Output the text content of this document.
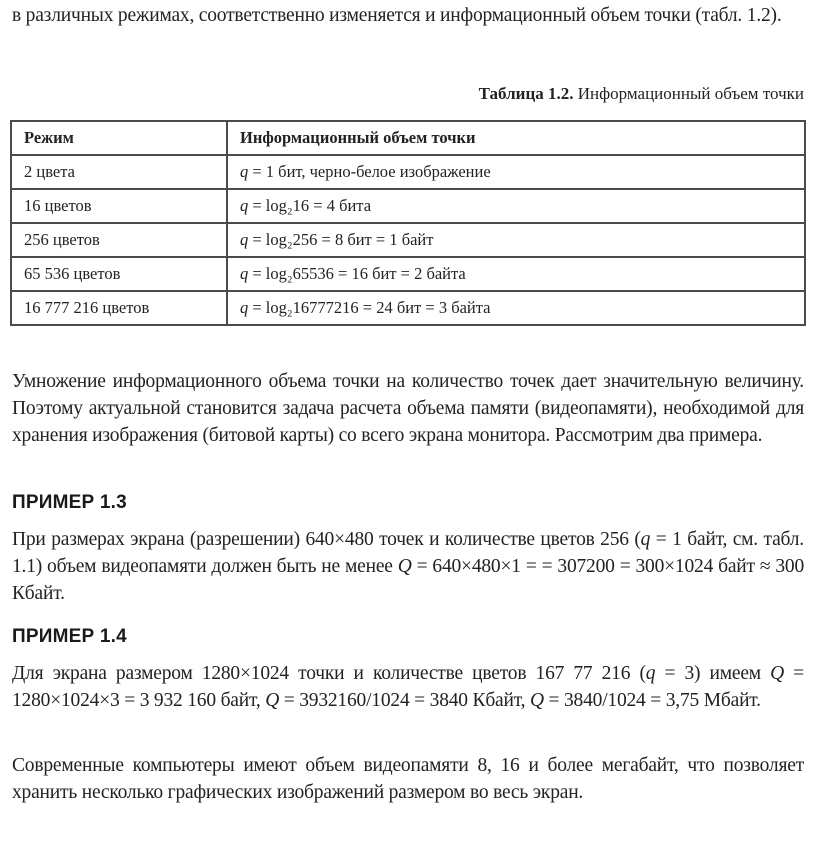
в различных режимах, соответственно изменяется и информационный объем точки (табл. 1.2).

Таблица 1.2. Информационный объем точки
Режим	Информационный объем точки
2 цвета	q = 1 бит, черно-белое изображение
16 цветов	q = log₂16 = 4 бита
256 цветов	q = log₂256 = 8 бит = 1 байт
65 536 цветов	q = log₂65536 = 16 бит = 2 байта
16 777 216 цветов	q = log₂16777216 = 24 бит = 3 байта

Умножение информационного объема точки на количество точек дает значительную величину. Поэтому актуальной становится задача расчета объема памяти (видеопамяти), необходимой для хранения изображения (битовой карты) со всего экрана монитора. Рассмотрим два примера.

ПРИМЕР 1.3

При размерах экрана (разрешении) 640×480 точек и количестве цветов 256 (q = 1 байт, см. табл. 1.1) объем видеопамяти должен быть не менее Q = 640×480×1 = = 307200 = 300×1024 байт ≈ 300 Кбайт.

ПРИМЕР 1.4

Для экрана размером 1280×1024 точки и количестве цветов 167 77 216 (q = 3) имеем Q = 1280×1024×3 = 3 932 160 байт, Q = 3932160/1024 = 3840 Кбайт, Q = 3840/1024 = 3,75 Мбайт.

Современные компьютеры имеют объем видеопамяти 8, 16 и более мегабайт, что позволяет хранить несколько графических изображений размером во весь экран.
